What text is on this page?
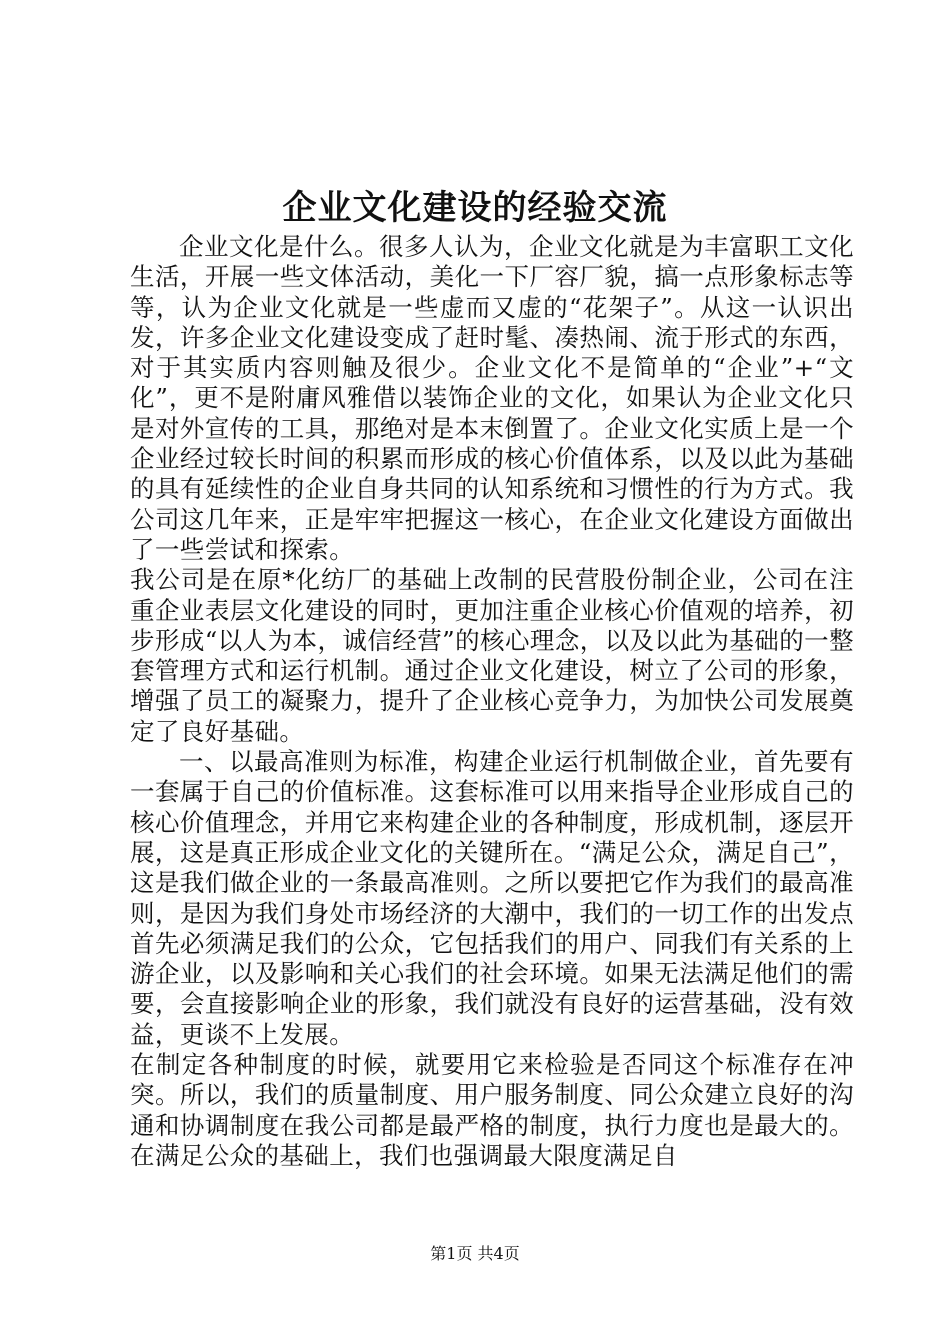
企业文化建设的经验交流

企业文化是什么。很多人认为，企业文化就是为丰富职工文化生活，开展一些文体活动，美化一下厂容厂貌，搞一点形象标志等等，认为企业文化就是一些虚而又虚的“花架子”。从这一认识出发，许多企业文化建设变成了赶时髦、凑热闹、流于形式的东西，对于其实质内容则触及很少。企业文化不是简单的“企业”+“文化”，更不是附庸风雅借以装饰企业的文化，如果认为企业文化只是对外宣传的工具，那绝对是本末倒置了。企业文化实质上是一个企业经过较长时间的积累而形成的核心价值体系，以及以此为基础的具有延续性的企业自身共同的认知系统和习惯性的行为方式。我公司这几年来，正是牢牢把握这一核心，在企业文化建设方面做出了一些尝试和探索。

我公司是在原*化纺厂的基础上改制的民营股份制企业，公司在注重企业表层文化建设的同时，更加注重企业核心价值观的培养，初步形成“以人为本，诚信经营”的核心理念，以及以此为基础的一整套管理方式和运行机制。通过企业文化建设，树立了公司的形象，增强了员工的凝聚力，提升了企业核心竞争力，为加快公司发展奠定了良好基础。

一、以最高准则为标准，构建企业运行机制做企业，首先要有一套属于自己的价值标准。这套标准可以用来指导企业形成自己的核心价值理念，并用它来构建企业的各种制度，形成机制，逐层开展，这是真正形成企业文化的关键所在。“满足公众，满足自己”，这是我们做企业的一条最高准则。之所以要把它作为我们的最高准则，是因为我们身处市场经济的大潮中，我们的一切工作的出发点首先必须满足我们的公众，它包括我们的用户、同我们有关系的上游企业，以及影响和关心我们的社会环境。如果无法满足他们的需要，会直接影响企业的形象，我们就没有良好的运营基础，没有效益，更谈不上发展。

在制定各种制度的时候，就要用它来检验是否同这个标准存在冲突。所以，我们的质量制度、用户服务制度、同公众建立良好的沟通和协调制度在我公司都是最严格的制度，执行力度也是最大的。在满足公众的基础上，我们也强调最大限度满足自

第1页 共4页
